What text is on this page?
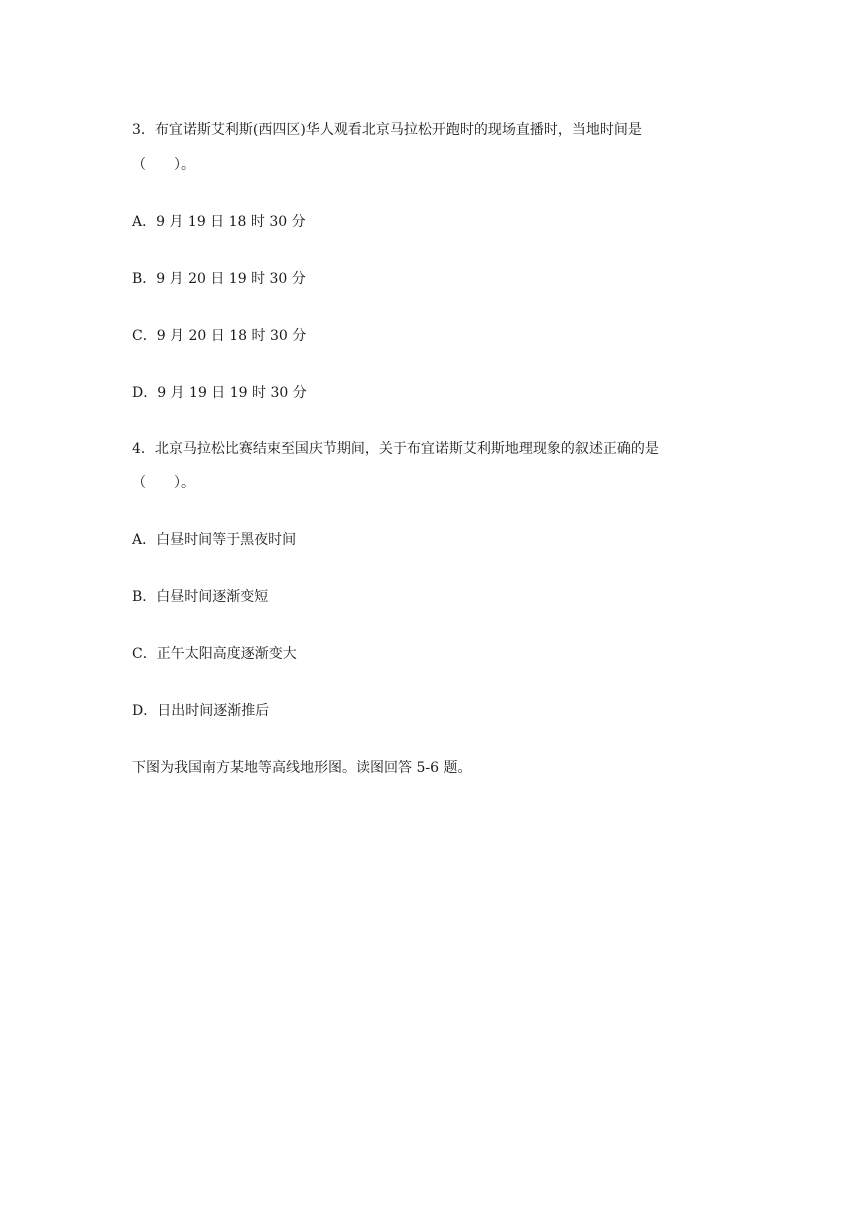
3．布宜诺斯艾利斯(西四区)华人观看北京马拉松开跑时的现场直播时，当地时间是
（　　）。
A．9 月 19 日 18 时 30 分
B．9 月 20 日 19 时 30 分
C．9 月 20 日 18 时 30 分
D．9 月 19 日 19 时 30 分
4．北京马拉松比赛结束至国庆节期间，关于布宜诺斯艾利斯地理现象的叙述正确的是
（　　）。
A．白昼时间等于黑夜时间
B．白昼时间逐渐变短
C．正午太阳高度逐渐变大
D．日出时间逐渐推后
下图为我国南方某地等高线地形图。读图回答 5-6 题。
